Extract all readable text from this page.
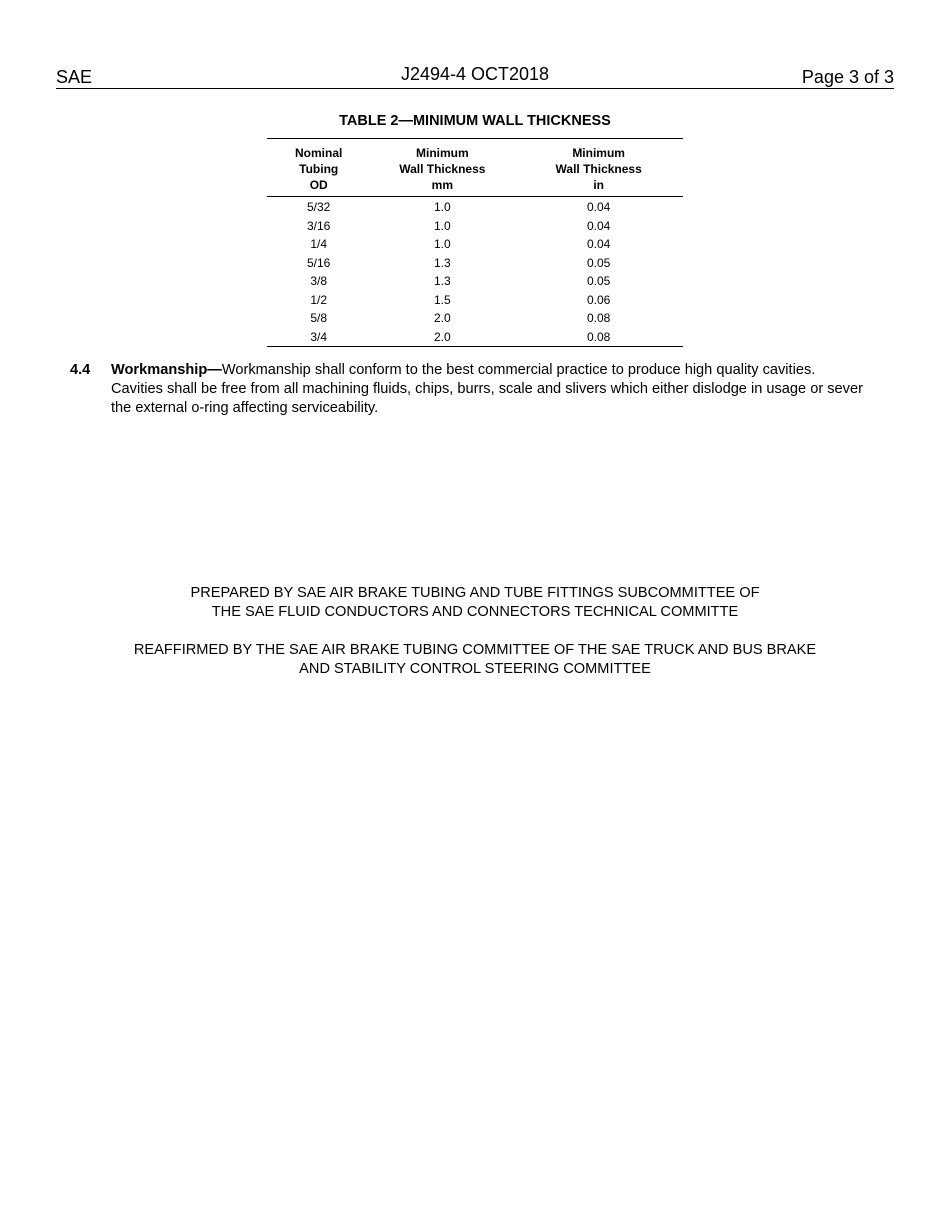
SAE	J2494-4 OCT2018	Page 3 of 3
TABLE 2—MINIMUM WALL THICKNESS
Nominal
Tubing
OD	Minimum
Wall Thickness
mm	Minimum
Wall Thickness
in

5/32	1.0	0.04
3/16	1.0	0.04
1/4	1.0	0.04
5/16	1.3	0.05
3/8	1.3	0.05
1/2	1.5	0.06
5/8	2.0	0.08
3/4	2.0	0.08
4.4 Workmanship—Workmanship shall conform to the best commercial practice to produce high quality cavities. Cavities shall be free from all machining fluids, chips, burrs, scale and slivers which either dislodge in usage or sever the external o-ring affecting serviceability.
PREPARED BY SAE AIR BRAKE TUBING AND TUBE FITTINGS SUBCOMMITTEE OF
THE SAE FLUID CONDUCTORS AND CONNECTORS TECHNICAL COMMITTE
REAFFIRMED BY THE SAE AIR BRAKE TUBING COMMITTEE OF THE SAE TRUCK AND BUS BRAKE
AND STABILITY CONTROL STEERING COMMITTEE
